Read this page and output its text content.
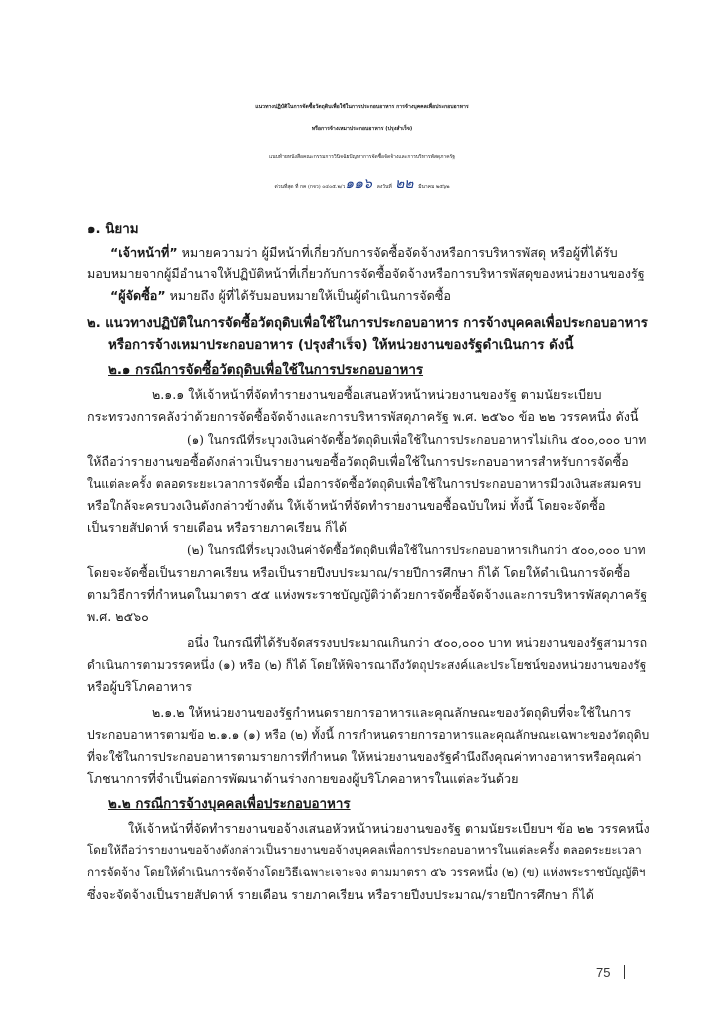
แนวทางปฏิบัติในการจัดซื้อวัตถุดิบเพื่อใช้ในการประกอบอาหาร การจ้างบุคคลเพื่อประกอบอาหาร
หรือการจ้างเหมาประกอบอาหาร (ปรุงสำเร็จ)
แนบท้ายหนังสือคณะกรรมการวินิจฉัยปัญหาการจัดซื้อจัดจ้างและการบริหารพัสดุภาครัฐ
ด่วนที่สุด ที่ กค (กจว) ๐๔๐๕.๒/ว๑๑๖ ลงวันที่ ๒๒ มีนาคม ๒๕๖๒
๑. นิยาม
“เจ้าหน้าที่” หมายความว่า ผู้มีหน้าที่เกี่ยวกับการจัดซื้อจัดจ้างหรือการบริหารพัสดุ หรือผู้ที่ได้รับ
มอบหมายจากผู้มีอำนาจให้ปฏิบัติหน้าที่เกี่ยวกับการจัดซื้อจัดจ้างหรือการบริหารพัสดุของหน่วยงานของรัฐ
“ผู้จัดซื้อ” หมายถึง ผู้ที่ได้รับมอบหมายให้เป็นผู้ดำเนินการจัดซื้อ
๒. แนวทางปฏิบัติในการจัดซื้อวัตถุดิบเพื่อใช้ในการประกอบอาหาร การจ้างบุคคลเพื่อประกอบอาหาร
หรือการจ้างเหมาประกอบอาหาร (ปรุงสำเร็จ) ให้หน่วยงานของรัฐดำเนินการ ดังนี้
๒.๑ กรณีการจัดซื้อวัตถุดิบเพื่อใช้ในการประกอบอาหาร
๒.๑.๑ ให้เจ้าหน้าที่จัดทำรายงานขอซื้อเสนอหัวหน้าหน่วยงานของรัฐ ตามนัยระเบียบ
กระทรวงการคลังว่าด้วยการจัดซื้อจัดจ้างและการบริหารพัสดุภาครัฐ พ.ศ. ๒๕๖๐ ข้อ ๒๒ วรรคหนึ่ง ดังนี้
(๑) ในกรณีที่ระบุวงเงินค่าจัดซื้อวัตถุดิบเพื่อใช้ในการประกอบอาหารไม่เกิน ๕๐๐,๐๐๐ บาท
ให้ถือว่ารายงานขอซื้อดังกล่าวเป็นรายงานขอซื้อวัตถุดิบเพื่อใช้ในการประกอบอาหารสำหรับการจัดซื้อ
ในแต่ละครั้ง ตลอดระยะเวลาการจัดซื้อ เมื่อการจัดซื้อวัตถุดิบเพื่อใช้ในการประกอบอาหารมีวงเงินสะสมครบ
หรือใกล้จะครบวงเงินดังกล่าวข้างต้น ให้เจ้าหน้าที่จัดทำรายงานขอซื้อฉบับใหม่ ทั้งนี้ โดยจะจัดซื้อ
เป็นรายสัปดาห์ รายเดือน หรือรายภาคเรียน ก็ได้
(๒) ในกรณีที่ระบุวงเงินค่าจัดซื้อวัตถุดิบเพื่อใช้ในการประกอบอาหารเกินกว่า ๕๐๐,๐๐๐ บาท
โดยจะจัดซื้อเป็นรายภาคเรียน หรือเป็นรายปีงบประมาณ/รายปีการศึกษา ก็ได้ โดยให้ดำเนินการจัดซื้อ
ตามวิธีการที่กำหนดในมาตรา ๕๕ แห่งพระราชบัญญัติว่าด้วยการจัดซื้อจัดจ้างและการบริหารพัสดุภาครัฐ
พ.ศ. ๒๕๖๐
อนึ่ง ในกรณีที่ได้รับจัดสรรงบประมาณเกินกว่า ๕๐๐,๐๐๐ บาท หน่วยงานของรัฐสามารถ
ดำเนินการตามวรรคหนึ่ง (๑) หรือ (๒) ก็ได้ โดยให้พิจารณาถึงวัตถุประสงค์และประโยชน์ของหน่วยงานของรัฐ
หรือผู้บริโภคอาหาร
๒.๑.๒ ให้หน่วยงานของรัฐกำหนดรายการอาหารและคุณลักษณะของวัตถุดิบที่จะใช้ในการ
ประกอบอาหารตามข้อ ๒.๑.๑ (๑) หรือ (๒) ทั้งนี้ การกำหนดรายการอาหารและคุณลักษณะเฉพาะของวัตถุดิบ
ที่จะใช้ในการประกอบอาหารตามรายการที่กำหนด ให้หน่วยงานของรัฐคำนึงถึงคุณค่าทางอาหารหรือคุณค่า
โภชนาการที่จำเป็นต่อการพัฒนาด้านร่างกายของผู้บริโภคอาหารในแต่ละวันด้วย
๒.๒ กรณีการจ้างบุคคลเพื่อประกอบอาหาร
ให้เจ้าหน้าที่จัดทำรายงานขอจ้างเสนอหัวหน้าหน่วยงานของรัฐ ตามนัยระเบียบฯ ข้อ ๒๒ วรรคหนึ่ง
โดยให้ถือว่ารายงานขอจ้างดังกล่าวเป็นรายงานขอจ้างบุคคลเพื่อการประกอบอาหารในแต่ละครั้ง ตลอดระยะเวลา
การจัดจ้าง โดยให้ดำเนินการจัดจ้างโดยวิธีเฉพาะเจาะจง ตามมาตรา ๕๖ วรรคหนึ่ง (๒) (ข) แห่งพระราชบัญญัติฯ
ซึ่งจะจัดจ้างเป็นรายสัปดาห์ รายเดือน รายภาคเรียน หรือรายปีงบประมาณ/รายปีการศึกษา ก็ได้
75
